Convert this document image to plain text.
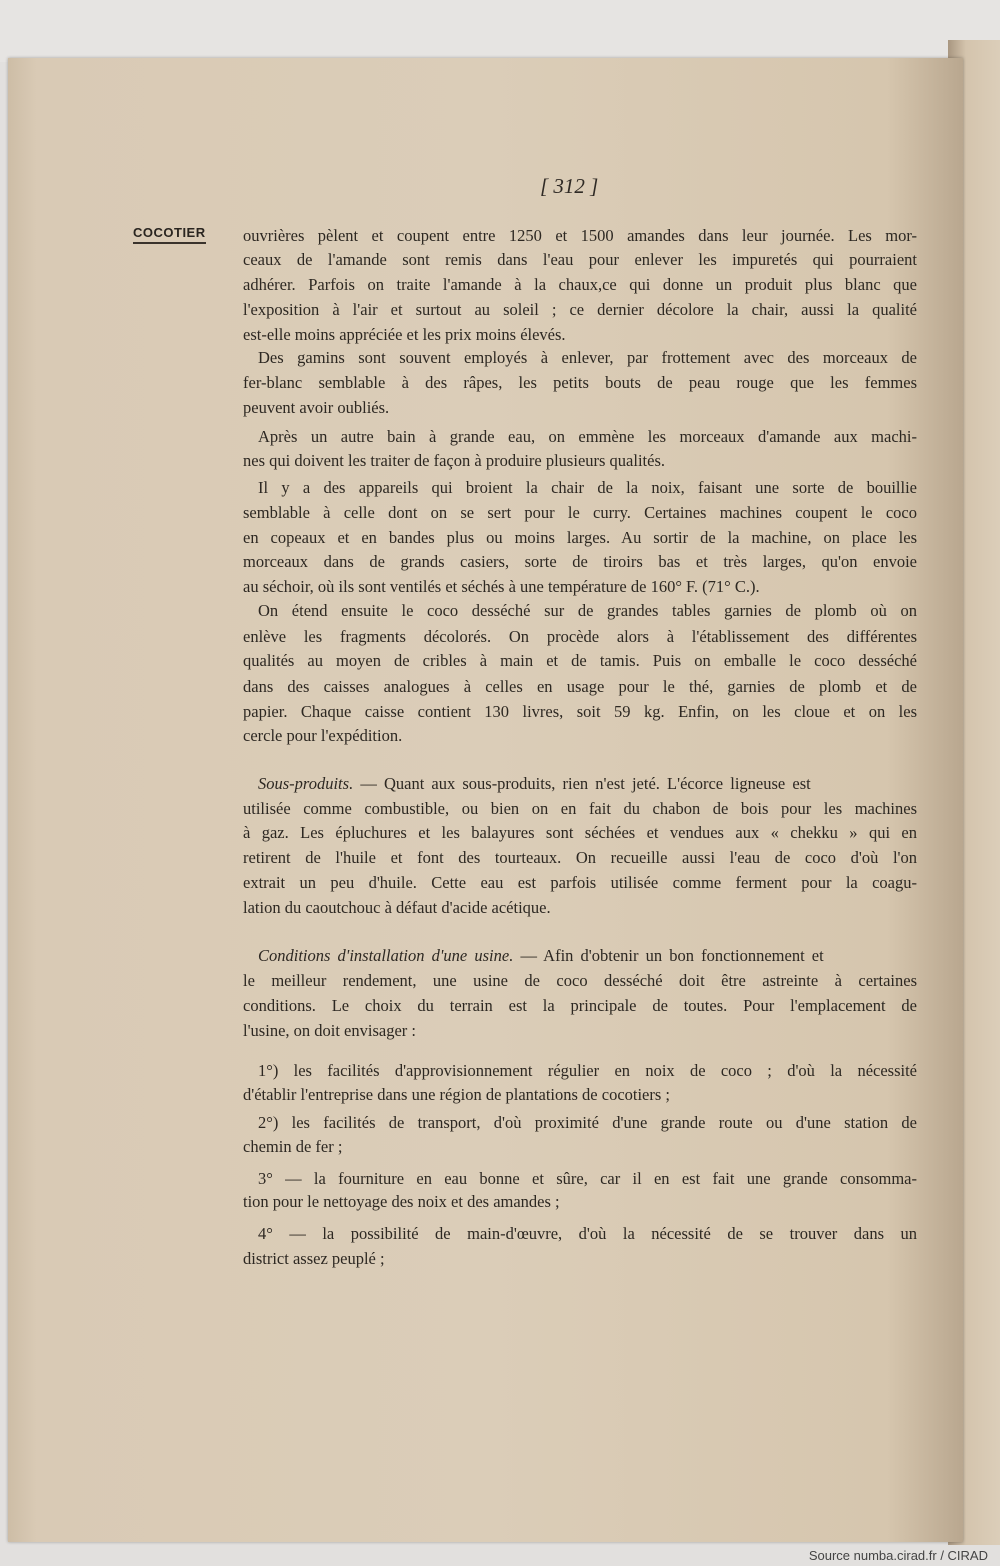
[ 312 ]
COCOTIER ouvrières pèlent et coupent entre 1250 et 1500 amandes dans leur journée. Les mor-
ceaux de l'amande sont remis dans l'eau pour enlever les impuretés qui pourraient
adhérer. Parfois on traite l'amande à la chaux,ce qui donne un produit plus blanc que
l'exposition à l'air et surtout au soleil ; ce dernier décolore la chair, aussi la qualité
est-elle moins appréciée et les prix moins élevés.
Des gamins sont souvent employés à enlever, par frottement avec des morceaux de
fer-blanc semblable à des râpes, les petits bouts de peau rouge que les femmes
peuvent avoir oubliés.
Après un autre bain à grande eau, on emmène les morceaux d'amande aux machi-
nes qui doivent les traiter de façon à produire plusieurs qualités.
Il y a des appareils qui broient la chair de la noix, faisant une sorte de bouillie
semblable à celle dont on se sert pour le curry. Certaines machines coupent le coco
en copeaux et en bandes plus ou moins larges. Au sortir de la machine, on place les
morceaux dans de grands casiers, sorte de tiroirs bas et très larges, qu'on envoie
au séchoir, où ils sont ventilés et séchés à une température de 160° F. (71° C.).
On étend ensuite le coco desséché sur de grandes tables garnies de plomb où on
enlève les fragments décolorés. On procède alors à l'établissement des différentes
qualités au moyen de cribles à main et de tamis. Puis on emballe le coco desséché
dans des caisses analogues à celles en usage pour le thé, garnies de plomb et de
papier. Chaque caisse contient 130 livres, soit 59 kg. Enfin, on les cloue et on les
cercle pour l'expédition.
Sous-produits. — Quant aux sous-produits, rien n'est jeté. L'écorce ligneuse est
utilisée comme combustible, ou bien on en fait du chabon de bois pour les machines
à gaz. Les épluchures et les balayures sont séchées et vendues aux « chekku » qui en
retirent de l'huile et font des tourteaux. On recueille aussi l'eau de coco d'où l'on
extrait un peu d'huile. Cette eau est parfois utilisée comme ferment pour la coagu-
lation du caoutchouc à défaut d'acide acétique.
Conditions d'installation d'une usine. — Afin d'obtenir un bon fonctionnement et
le meilleur rendement, une usine de coco desséché doit être astreinte à certaines
conditions. Le choix du terrain est la principale de toutes. Pour l'emplacement de
l'usine, on doit envisager :
1°) les facilités d'approvisionnement régulier en noix de coco ; d'où la nécessité
d'établir l'entreprise dans une région de plantations de cocotiers ;
2°) les facilités de transport, d'où proximité d'une grande route ou d'une station de
chemin de fer ;
3° — la fourniture en eau bonne et sûre, car il en est fait une grande consomma-
tion pour le nettoyage des noix et des amandes ;
4° — la possibilité de main-d'œuvre, d'où la nécessité de se trouver dans un
district assez peuplé ;
Source numba.cirad.fr / CIRAD
